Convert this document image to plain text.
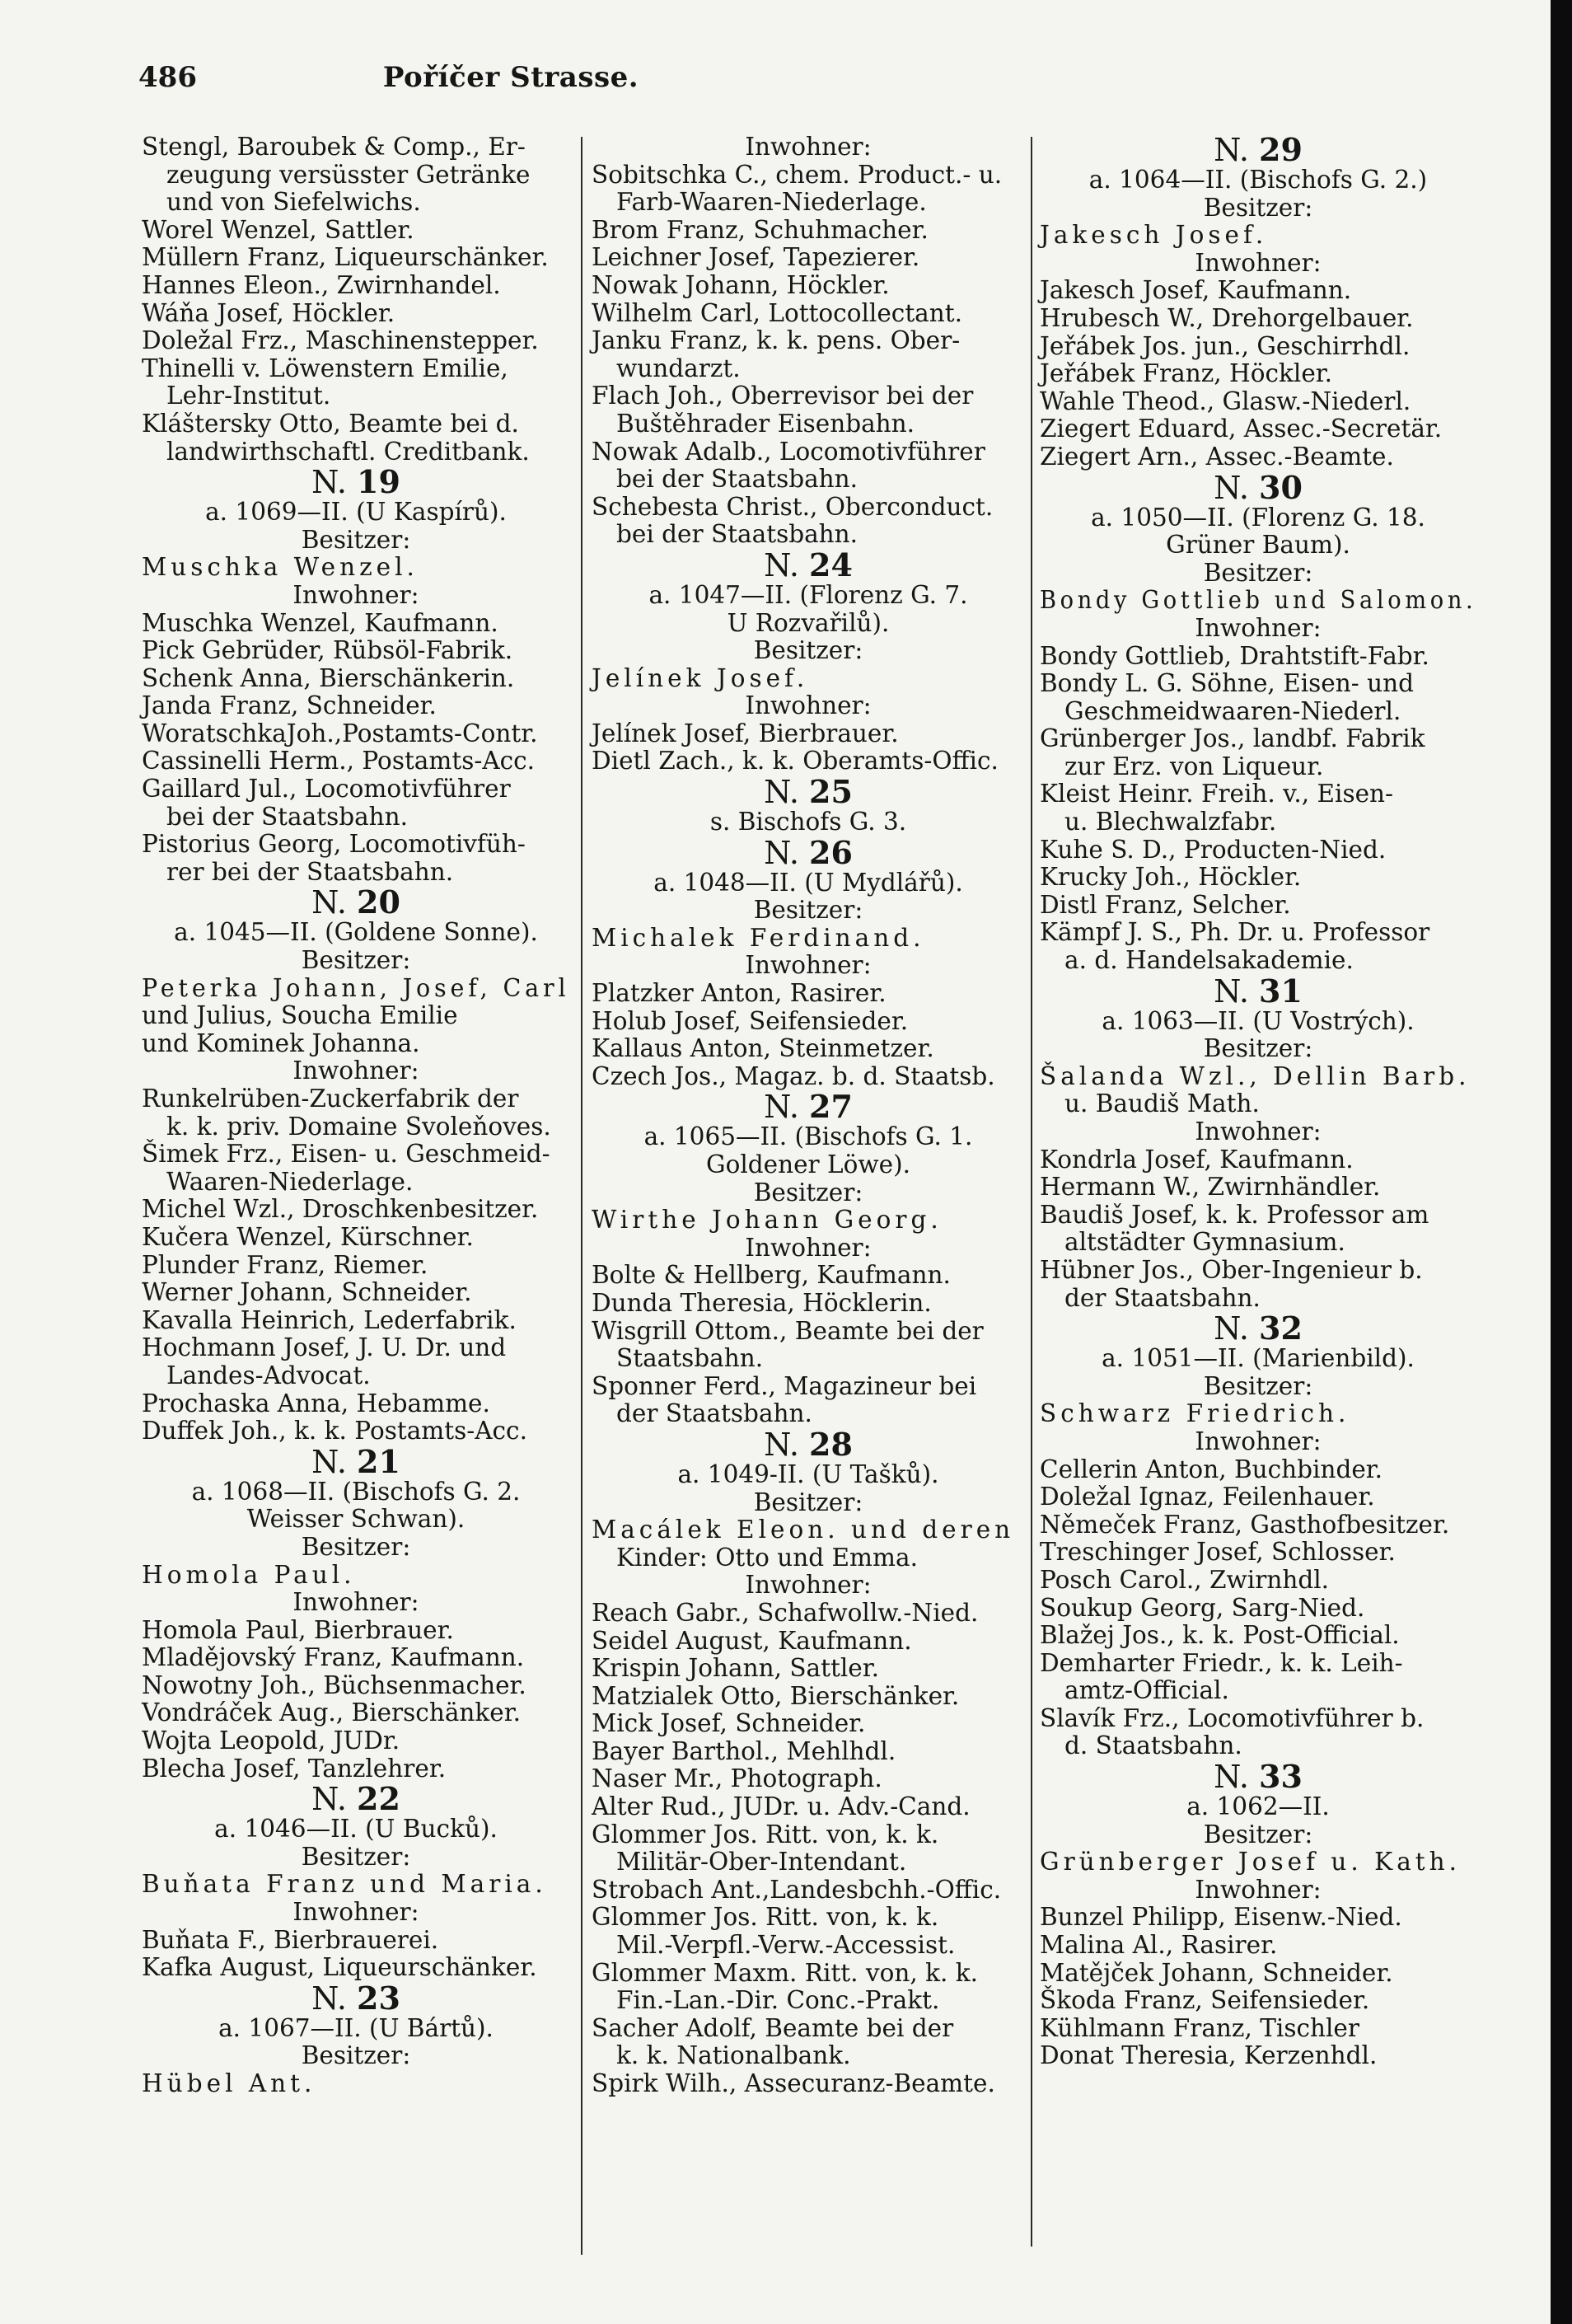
486	Poříčer Strasse.
Stengl, Baroubek & Comp., Er-
zeugung versüsster Getränke
und von Siefelwichs.
Worel Wenzel, Sattler.
Müllern Franz, Liqueurschänker.
Hannes Eleon., Zwirnhandel.
Wáňa Josef, Höckler.
Doležal Frz., Maschinenstepper.
Thinelli v. Löwenstern Emilie,
Lehr-Institut.
Kláštersky Otto, Beamte bei d.
landwirthschaftl. Creditbank.
N. 19
a. 1069—II. (U Kaspírů).
Besitzer:
Muschka Wenzel.
Inwohner:
Muschka Wenzel, Kaufmann.
Pick Gebrüder, Rübsöl-Fabrik.
Schenk Anna, Bierschänkerin.
Janda Franz, Schneider.
WoratschkaJoh.,Postamts-Contr.
Cassinelli Herm., Postamts-Acc.
Gaillard Jul., Locomotivführer
bei der Staatsbahn.
Pistorius Georg, Locomotivfüh-
rer bei der Staatsbahn.
N. 20
a. 1045—II. (Goldene Sonne).
Besitzer:
Peterka Johann, Josef, Carl
und Julius, Soucha Emilie
und Kominek Johanna.
Inwohner:
Runkelrüben-Zuckerfabrik der
k. k. priv. Domaine Svoleňoves.
Šimek Frz., Eisen- u. Geschmeid-
Waaren-Niederlage.
Michel Wzl., Droschkenbesitzer.
Kučera Wenzel, Kürschner.
Plunder Franz, Riemer.
Werner Johann, Schneider.
Kavalla Heinrich, Lederfabrik.
Hochmann Josef, J. U. Dr. und
Landes-Advocat.
Prochaska Anna, Hebamme.
Duffek Joh., k. k. Postamts-Acc.
N. 21
a. 1068—II. (Bischofs G. 2.
Weisser Schwan).
Besitzer:
Homola Paul.
Inwohner:
Homola Paul, Bierbrauer.
Mladějovský Franz, Kaufmann.
Nowotny Joh., Büchsenmacher.
Vondráček Aug., Bierschänker.
Wojta Leopold, JUDr.
Blecha Josef, Tanzlehrer.
N. 22
a. 1046—II. (U Bucků).
Besitzer:
Buňata Franz und Maria.
Inwohner:
Buňata F., Bierbrauerei.
Kafka August, Liqueurschänker.
N. 23
a. 1067—II. (U Bártů).
Besitzer:
Hübel Ant.
Inwohner:
Sobitschka C., chem. Product.- u.
Farb-Waaren-Niederlage.
Brom Franz, Schuhmacher.
Leichner Josef, Tapezierer.
Nowak Johann, Höckler.
Wilhelm Carl, Lottocollectant.
Janku Franz, k. k. pens. Ober-
wundarzt.
Flach Joh., Oberrevisor bei der
Buštěhrader Eisenbahn.
Nowak Adalb., Locomotivführer
bei der Staatsbahn.
Schebesta Christ., Oberconduct.
bei der Staatsbahn.
N. 24
a. 1047—II. (Florenz G. 7.
U Rozvařilů).
Besitzer:
Jelínek Josef.
Inwohner:
Jelínek Josef, Bierbrauer.
Dietl Zach., k. k. Oberamts-Offic.
N. 25
s. Bischofs G. 3.
N. 26
a. 1048—II. (U Mydlářů).
Besitzer:
Michalek Ferdinand.
Inwohner:
Platzker Anton, Rasirer.
Holub Josef, Seifensieder.
Kallaus Anton, Steinmetzer.
Czech Jos., Magaz. b. d. Staatsb.
N. 27
a. 1065—II. (Bischofs G. 1.
Goldener Löwe).
Besitzer:
Wirthe Johann Georg.
Inwohner:
Bolte & Hellberg, Kaufmann.
Dunda Theresia, Höcklerin.
Wisgrill Ottom., Beamte bei der
Staatsbahn.
Sponner Ferd., Magazineur bei
der Staatsbahn.
N. 28
a. 1049-II. (U Tašků).
Besitzer:
Macálek Eleon. und deren
Kinder: Otto und Emma.
Inwohner:
Reach Gabr., Schafwollw.-Nied.
Seidel August, Kaufmann.
Krispin Johann, Sattler.
Matzialek Otto, Bierschänker.
Mick Josef, Schneider.
Bayer Barthol., Mehlhdl.
Naser Mr., Photograph.
Alter Rud., JUDr. u. Adv.-Cand.
Glommer Jos. Ritt. von, k. k.
Militär-Ober-Intendant.
Strobach Ant.,Landesbchh.-Offic.
Glommer Jos. Ritt. von, k. k.
Mil.-Verpfl.-Verw.-Accessist.
Glommer Maxm. Ritt. von, k. k.
Fin.-Lan.-Dir. Conc.-Prakt.
Sacher Adolf, Beamte bei der
k. k. Nationalbank.
Spirk Wilh., Assecuranz-Beamte.
N. 29
a. 1064—II. (Bischofs G. 2.)
Besitzer:
Jakesch Josef.
Inwohner:
Jakesch Josef, Kaufmann.
Hrubesch W., Drehorgelbauer.
Jeřábek Jos. jun., Geschirrhdl.
Jeřábek Franz, Höckler.
Wahle Theod., Glasw.-Niederl.
Ziegert Eduard, Assec.-Secretär.
Ziegert Arn., Assec.-Beamte.
N. 30
a. 1050—II. (Florenz G. 18.
Grüner Baum).
Besitzer:
Bondy Gottlieb und Salomon.
Inwohner:
Bondy Gottlieb, Drahtstift-Fabr.
Bondy L. G. Söhne, Eisen- und
Geschmeidwaaren-Niederl.
Grünberger Jos., landbf. Fabrik
zur Erz. von Liqueur.
Kleist Heinr. Freih. v., Eisen-
u. Blechwalzfabr.
Kuhe S. D., Producten-Nied.
Krucky Joh., Höckler.
Distl Franz, Selcher.
Kämpf J. S., Ph. Dr. u. Professor
a. d. Handelsakademie.
N. 31
a. 1063—II. (U Vostrých).
Besitzer:
Šalanda Wzl., Dellin Barb.
u. Baudiš Math.
Inwohner:
Kondrla Josef, Kaufmann.
Hermann W., Zwirnhändler.
Baudiš Josef, k. k. Professor am
altstädter Gymnasium.
Hübner Jos., Ober-Ingenieur b.
der Staatsbahn.
N. 32
a. 1051—II. (Marienbild).
Besitzer:
Schwarz Friedrich.
Inwohner:
Cellerin Anton, Buchbinder.
Doležal Ignaz, Feilenhauer.
Němeček Franz, Gasthofbesitzer.
Treschinger Josef, Schlosser.
Posch Carol., Zwirnhdl.
Soukup Georg, Sarg-Nied.
Blažej Jos., k. k. Post-Official.
Demharter Friedr., k. k. Leih-
amtz-Official.
Slavík Frz., Locomotivführer b.
d. Staatsbahn.
N. 33
a. 1062—II.
Besitzer:
Grünberger Josef u. Kath.
Inwohner:
Bunzel Philipp, Eisenw.-Nied.
Malina Al., Rasirer.
Matějček Johann, Schneider.
Škoda Franz, Seifensieder.
Kühlmann Franz, Tischler
Donat Theresia, Kerzenhdl.
